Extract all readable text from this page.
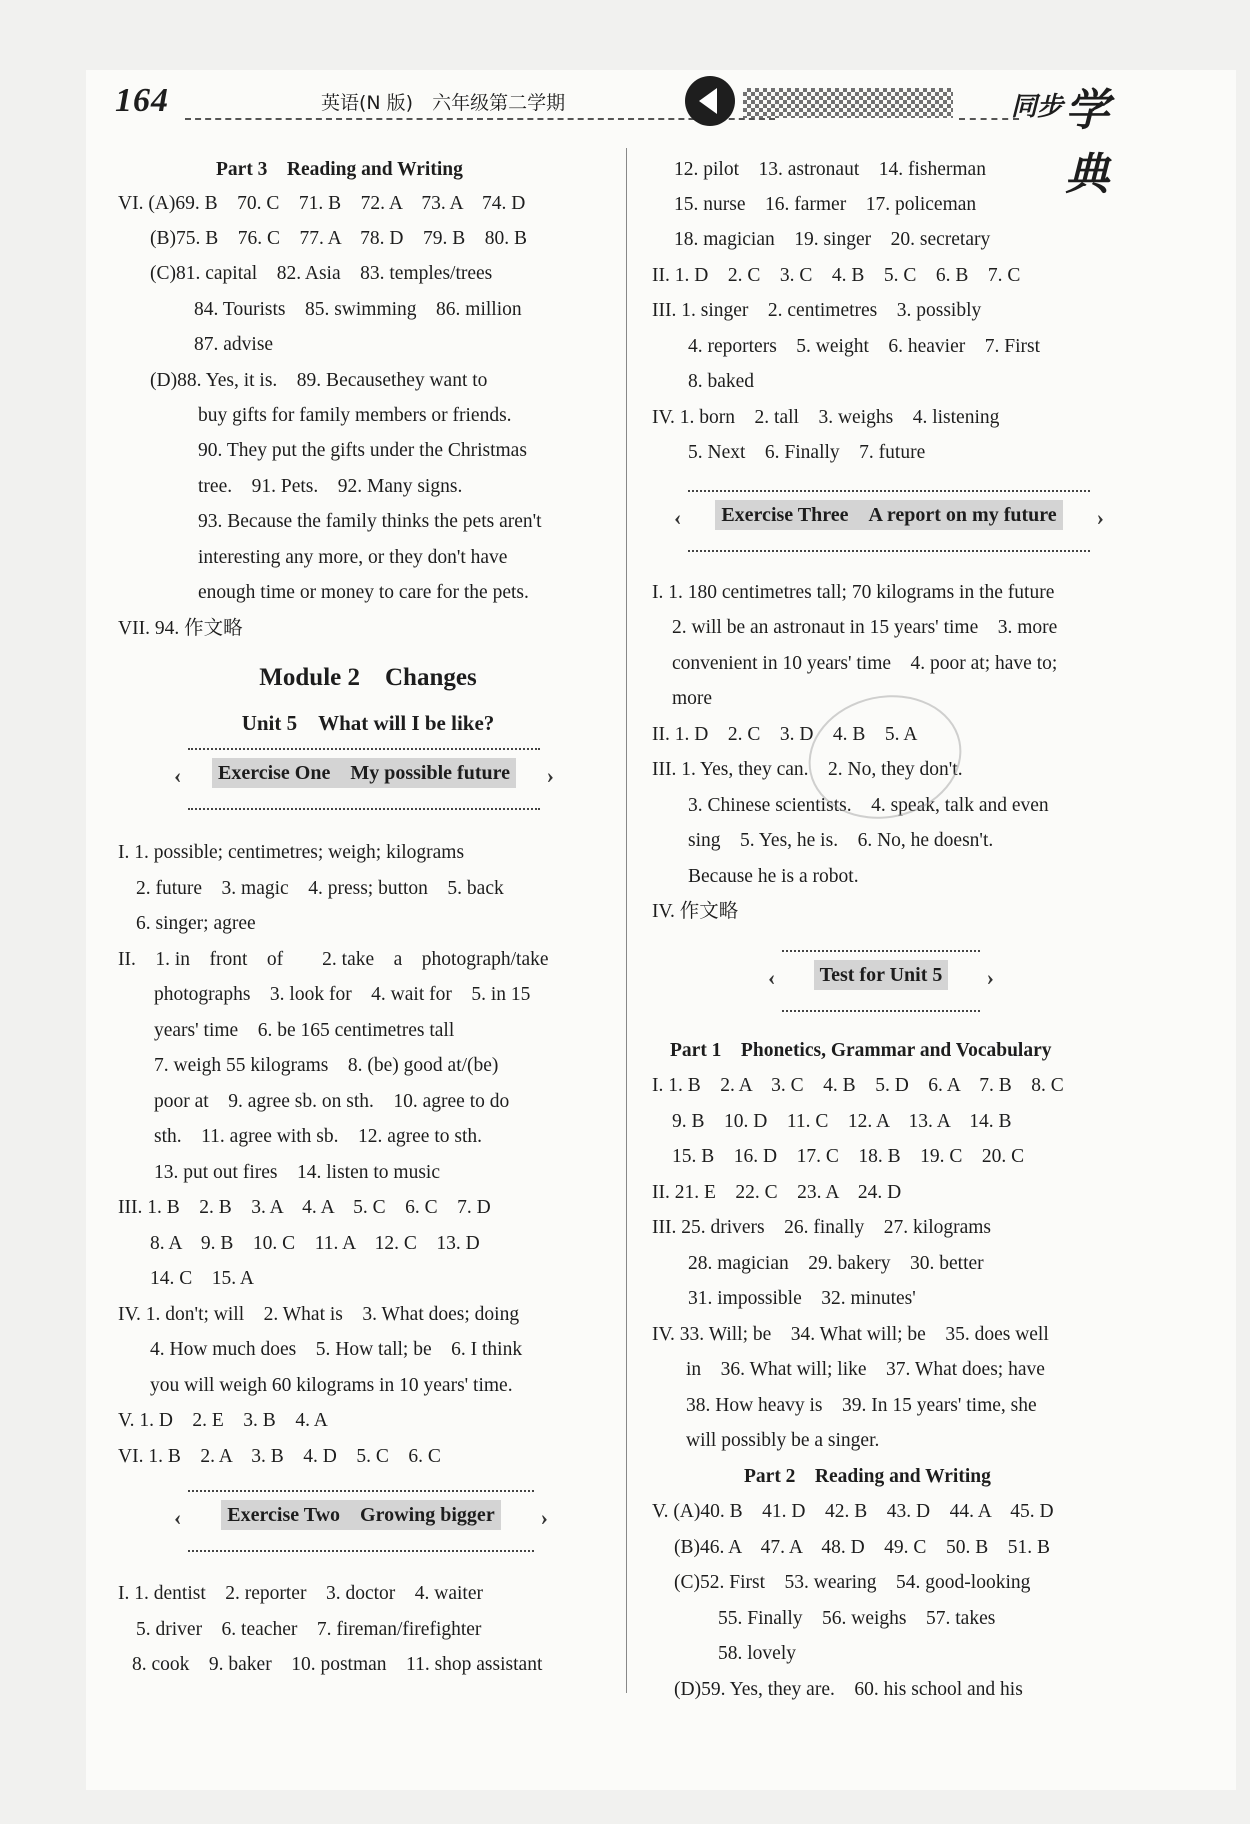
164	英语(N 版)　六年级第二学期	同步 学典
Part 3　Reading and Writing
VI. (A)69. B　70. C　71. B　72. A　73. A　74. D
(B)75. B　76. C　77. A　78. D　79. B　80. B
(C)81. capital　82. Asia　83. temples/trees
84. Tourists　85. swimming　86. million
87. advise
(D)88. Yes, it is.　89. Becausethey want to
buy gifts for family members or friends.
90. They put the gifts under the Christmas
tree.　91. Pets.　92. Many signs.
93. Because the family thinks the pets aren't
interesting any more, or they don't have
enough time or money to care for the pets.
VII. 94. 作文略
Module 2　Changes
Unit 5　What will I be like?
‹ Exercise One　My possible future ›
I. 1. possible; centimetres; weigh; kilograms
2. future　3. magic　4. press; button　5. back
6. singer; agree
II.　1. in　front　of　　2. take　a　photograph/take
photographs　3. look for　4. wait for　5. in 15
years' time　6. be 165 centimetres tall
7. weigh 55 kilograms　8. (be) good at/(be)
poor at　9. agree sb. on sth.　10. agree to do
sth.　11. agree with sb.　12. agree to sth.
13. put out fires　14. listen to music
III. 1. B　2. B　3. A　4. A　5. C　6. C　7. D
8. A　9. B　10. C　11. A　12. C　13. D
14. C　15. A
IV. 1. don't; will　2. What is　3. What does; doing
4. How much does　5. How tall; be　6. I think
you will weigh 60 kilograms in 10 years' time.
V. 1. D　2. E　3. B　4. A
VI. 1. B　2. A　3. B　4. D　5. C　6. C
‹ Exercise Two　Growing bigger ›
I. 1. dentist　2. reporter　3. doctor　4. waiter
5. driver　6. teacher　7. fireman/firefighter
8. cook　9. baker　10. postman　11. shop assistant
12. pilot　13. astronaut　14. fisherman
15. nurse　16. farmer　17. policeman
18. magician　19. singer　20. secretary
II. 1. D　2. C　3. C　4. B　5. C　6. B　7. C
III. 1. singer　2. centimetres　3. possibly
4. reporters　5. weight　6. heavier　7. First
8. baked
IV. 1. born　2. tall　3. weighs　4. listening
5. Next　6. Finally　7. future
‹ Exercise Three　A report on my future ›
I. 1. 180 centimetres tall; 70 kilograms in the future
2. will be an astronaut in 15 years' time　3. more
convenient in 10 years' time　4. poor at; have to;
more
II. 1. D　2. C　3. D　4. B　5. A
III. 1. Yes, they can.　2. No, they don't.
3. Chinese scientists.　4. speak, talk and even
sing　5. Yes, he is.　6. No, he doesn't.
Because he is a robot.
IV. 作文略
‹ Test for Unit 5 ›
Part 1　Phonetics, Grammar and Vocabulary
I. 1. B　2. A　3. C　4. B　5. D　6. A　7. B　8. C
9. B　10. D　11. C　12. A　13. A　14. B
15. B　16. D　17. C　18. B　19. C　20. C
II. 21. E　22. C　23. A　24. D
III. 25. drivers　26. finally　27. kilograms
28. magician　29. bakery　30. better
31. impossible　32. minutes'
IV. 33. Will; be　34. What will; be　35. does well
in　36. What will; like　37. What does; have
38. How heavy is　39. In 15 years' time, she
will possibly be a singer.
Part 2　Reading and Writing
V. (A)40. B　41. D　42. B　43. D　44. A　45. D
(B)46. A　47. A　48. D　49. C　50. B　51. B
(C)52. First　53. wearing　54. good-looking
55. Finally　56. weighs　57. takes
58. lovely
(D)59. Yes, they are.　60. his school and his
